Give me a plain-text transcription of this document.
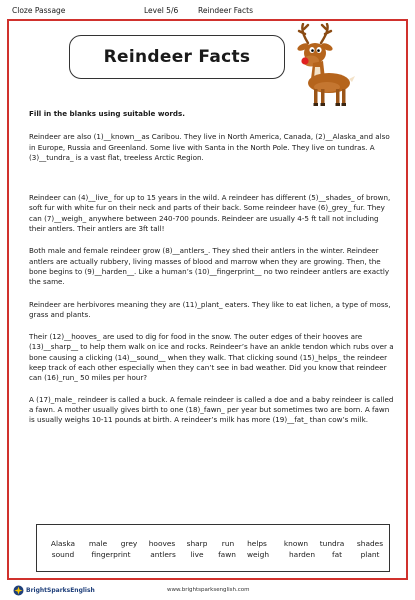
Cloze Passage	Level 5/6	Reindeer Facts
Reindeer Facts

Fill in the blanks using suitable words.

Reindeer are also (1)__known__as Caribou. They live in North America, Canada, (2)__Alaska_and also in Europe, Russia and Greenland. Some live with Santa in the North Pole. They live on tundras. A (3)__tundra_ is a vast flat, treeless Arctic Region.

Reindeer can (4)__live_ for up to 15 years in the wild. A reindeer has different (5)__shades_ of brown, soft fur with white fur on their neck and parts of their back. Some reindeer have (6)_grey_ fur. They can (7)__weigh_ anywhere between 240-700 pounds. Reindeer are usually 4-5 ft tall not including their antlers. Their antlers are 3ft tall!

Both male and female reindeer grow (8)__antlers_. They shed their antlers in the winter. Reindeer antlers are actually rubbery, living masses of blood and marrow when they are growing. Then, the bone begins to (9)__harden__. Like a human’s (10)__fingerprint__ no two reindeer antlers are exactly the same.

Reindeer are herbivores meaning they are (11)_plant_ eaters. They like to eat lichen, a type of moss, grass and plants.

Their (12)__hooves_ are used to dig for food in the snow. The outer edges of their hooves are (13)__sharp__ to help them walk on ice and rocks. Reindeer’s have an ankle tendon which rubs over a bone causing a clicking (14)__sound__ when they walk. That clicking sound (15)_helps_ the reindeer keep track of each other especially when they can’t see in bad weather. Did you know that reindeer can (16)_run_ 50 miles per hour?

A (17)_male_ reindeer is called a buck. A female reindeer is called a doe and a baby reindeer is called a fawn. A mother usually gives birth to one (18)_fawn_ per year but sometimes two are born. A fawn is usually weighs 10-11 pounds at birth. A reindeer’s milk has more (19)__fat_ than cow’s milk.

Alaska male grey hooves sharp run helps known tundra shades
sound fingerprint	antlers live fawn weigh	harden fat	plant
BrightSparksEnglish	www.brightsparksenglish.com
